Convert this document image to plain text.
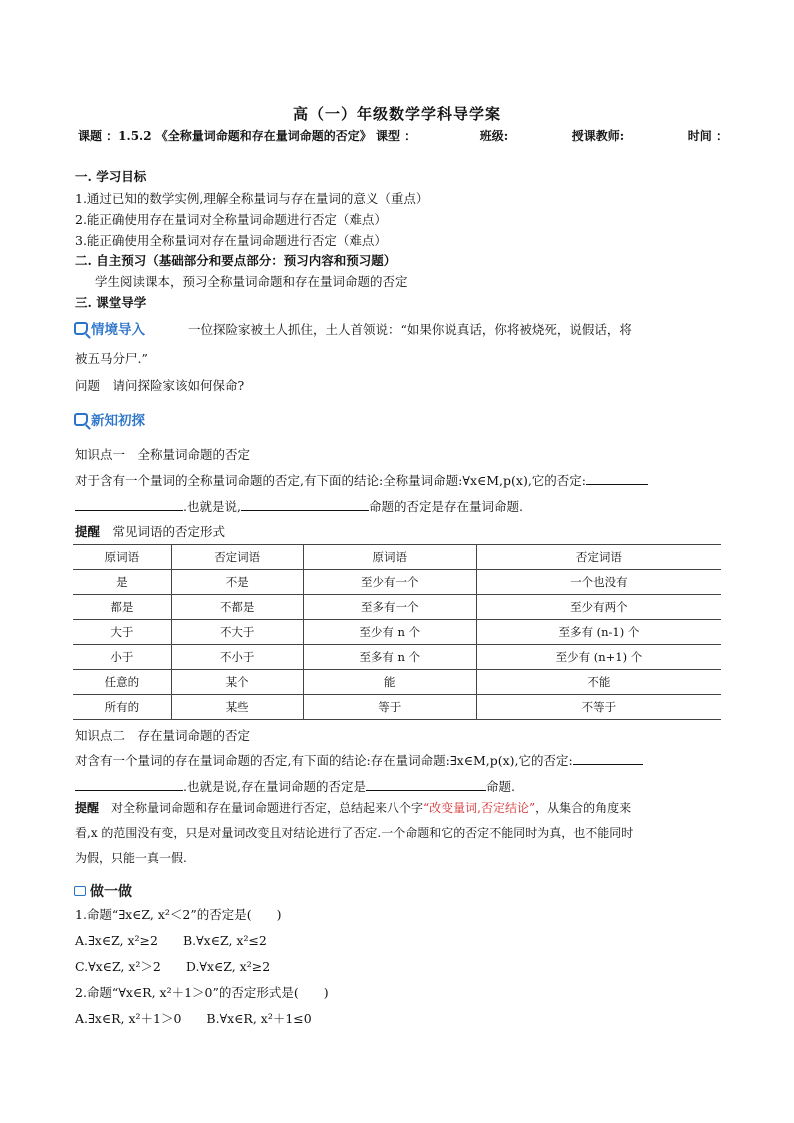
高（一）年级数学学科导学案
课题 ：1.5.2 《全称量词命题和存在量词命题的否定》 课型 ：	班级:	授课教师:	时间 ：
一. 学习目标
1.通过已知的数学实例,理解全称量词与存在量词的意义（重点）
2.能正确使用存在量词对全称量词命题进行否定（难点）
3.能正确使用全称量词对存在量词命题进行否定（难点）
二. 自主预习（基础部分和要点部分：预习内容和预习题）
学生阅读课本，预习全称量词命题和存在量词命题的否定
三. 课堂导学
情境导入	一位探险家被土人抓住，土人首领说：“如果你说真话，你将被烧死，说假话，将
被五马分尸.”
问题　 请问探险家该如何保命?
新知初探
知识点一　全称量词命题的否定
对于含有一个量词的全称量词命题的否定,有下面的结论:全称量词命题:∀x∈M,p(x),它的否定:
.也就是说,	命题的否定是存在量词命题.
提醒　 常见词语的否定形式
原词语	否定词语	原词语	否定词语
是	不是	至少有一个	一个也没有
都是	不都是	至多有一个	至少有两个
大于	不大于	至少有 n 个	至多有 (n-1) 个
小于	不小于	至多有 n 个	至少有 (n+1) 个
任意的	某个	能	不能
所有的	某些	等于	不等于
知识点二　存在量词命题的否定
对含有一个量词的存在量词命题的否定,有下面的结论:存在量词命题:∃x∈M,p(x),它的否定:
.也就是说,存在量词命题的否定是	命题.
提醒　 对全称量词命题和存在量词命题进行否定，总结起来八个字“改变量词,否定结论”，从集合的角度来
看,x 的范围没有变，只是对量词改变且对结论进行了否定.一个命题和它的否定不能同时为真，也不能同时
为假，只能一真一假.
做一做
1.命题“∃x∈Z, x²＜2”的否定是(　　)
A.∃x∈Z, x²≥2　　B.∀x∈Z, x²≤2
C.∀x∈Z, x²＞2　　D.∀x∈Z, x²≥2
2.命题“∀x∈R, x²＋1＞0”的否定形式是(　　)
A.∃x∈R, x²＋1＞0　　B.∀x∈R, x²＋1≤0
